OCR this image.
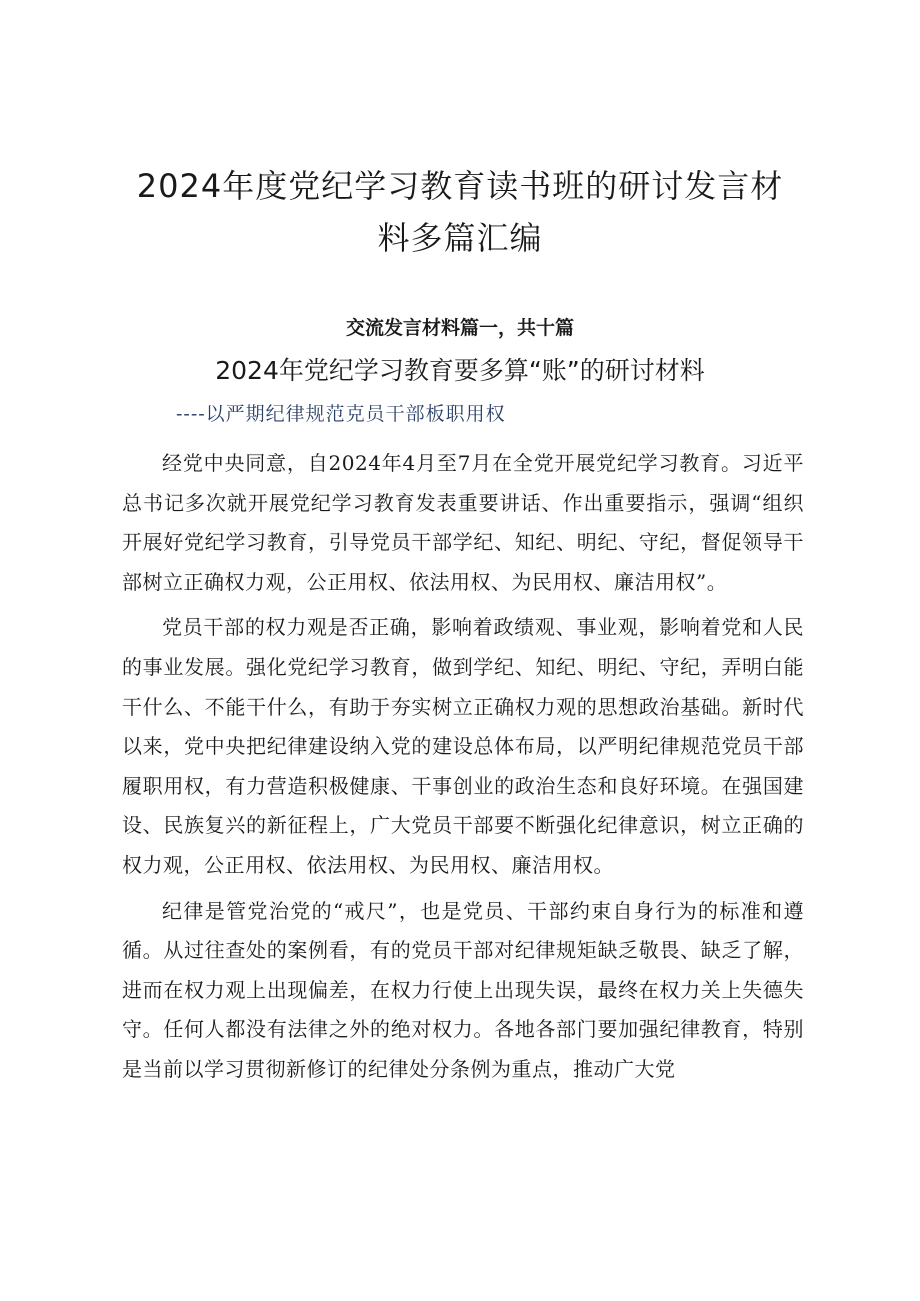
2024年度党纪学习教育读书班的研讨发言材
料多篇汇编

交流发言材料篇一，共十篇

2024年党纪学习教育要多算“账”的研讨材料

----以严期纪律规范克员干部板职用权

经党中央同意，自2024年4月至7月在全党开展党纪学习教育。习近平总书记多次就开展党纪学习教育发表重要讲话、作出重要指示，强调“组织开展好党纪学习教育，引导党员干部学纪、知纪、明纪、守纪，督促领导干部树立正确权力观，公正用权、依法用权、为民用权、廉洁用权”。

党员干部的权力观是否正确，影响着政绩观、事业观，影响着党和人民的事业发展。强化党纪学习教育，做到学纪、知纪、明纪、守纪，弄明白能干什么、不能干什么，有助于夯实树立正确权力观的思想政治基础。新时代以来，党中央把纪律建设纳入党的建设总体布局，以严明纪律规范党员干部履职用权，有力营造积极健康、干事创业的政治生态和良好环境。在强国建设、民族复兴的新征程上，广大党员干部要不断强化纪律意识，树立正确的权力观，公正用权、依法用权、为民用权、廉洁用权。

纪律是管党治党的“戒尺”，也是党员、干部约束自身行为的标准和遵循。从过往查处的案例看，有的党员干部对纪律规矩缺乏敬畏、缺乏了解，进而在权力观上出现偏差，在权力行使上出现失误，最终在权力关上失德失守。任何人都没有法律之外的绝对权力。各地各部门要加强纪律教育，特别是当前以学习贯彻新修订的纪律处分条例为重点，推动广大党
